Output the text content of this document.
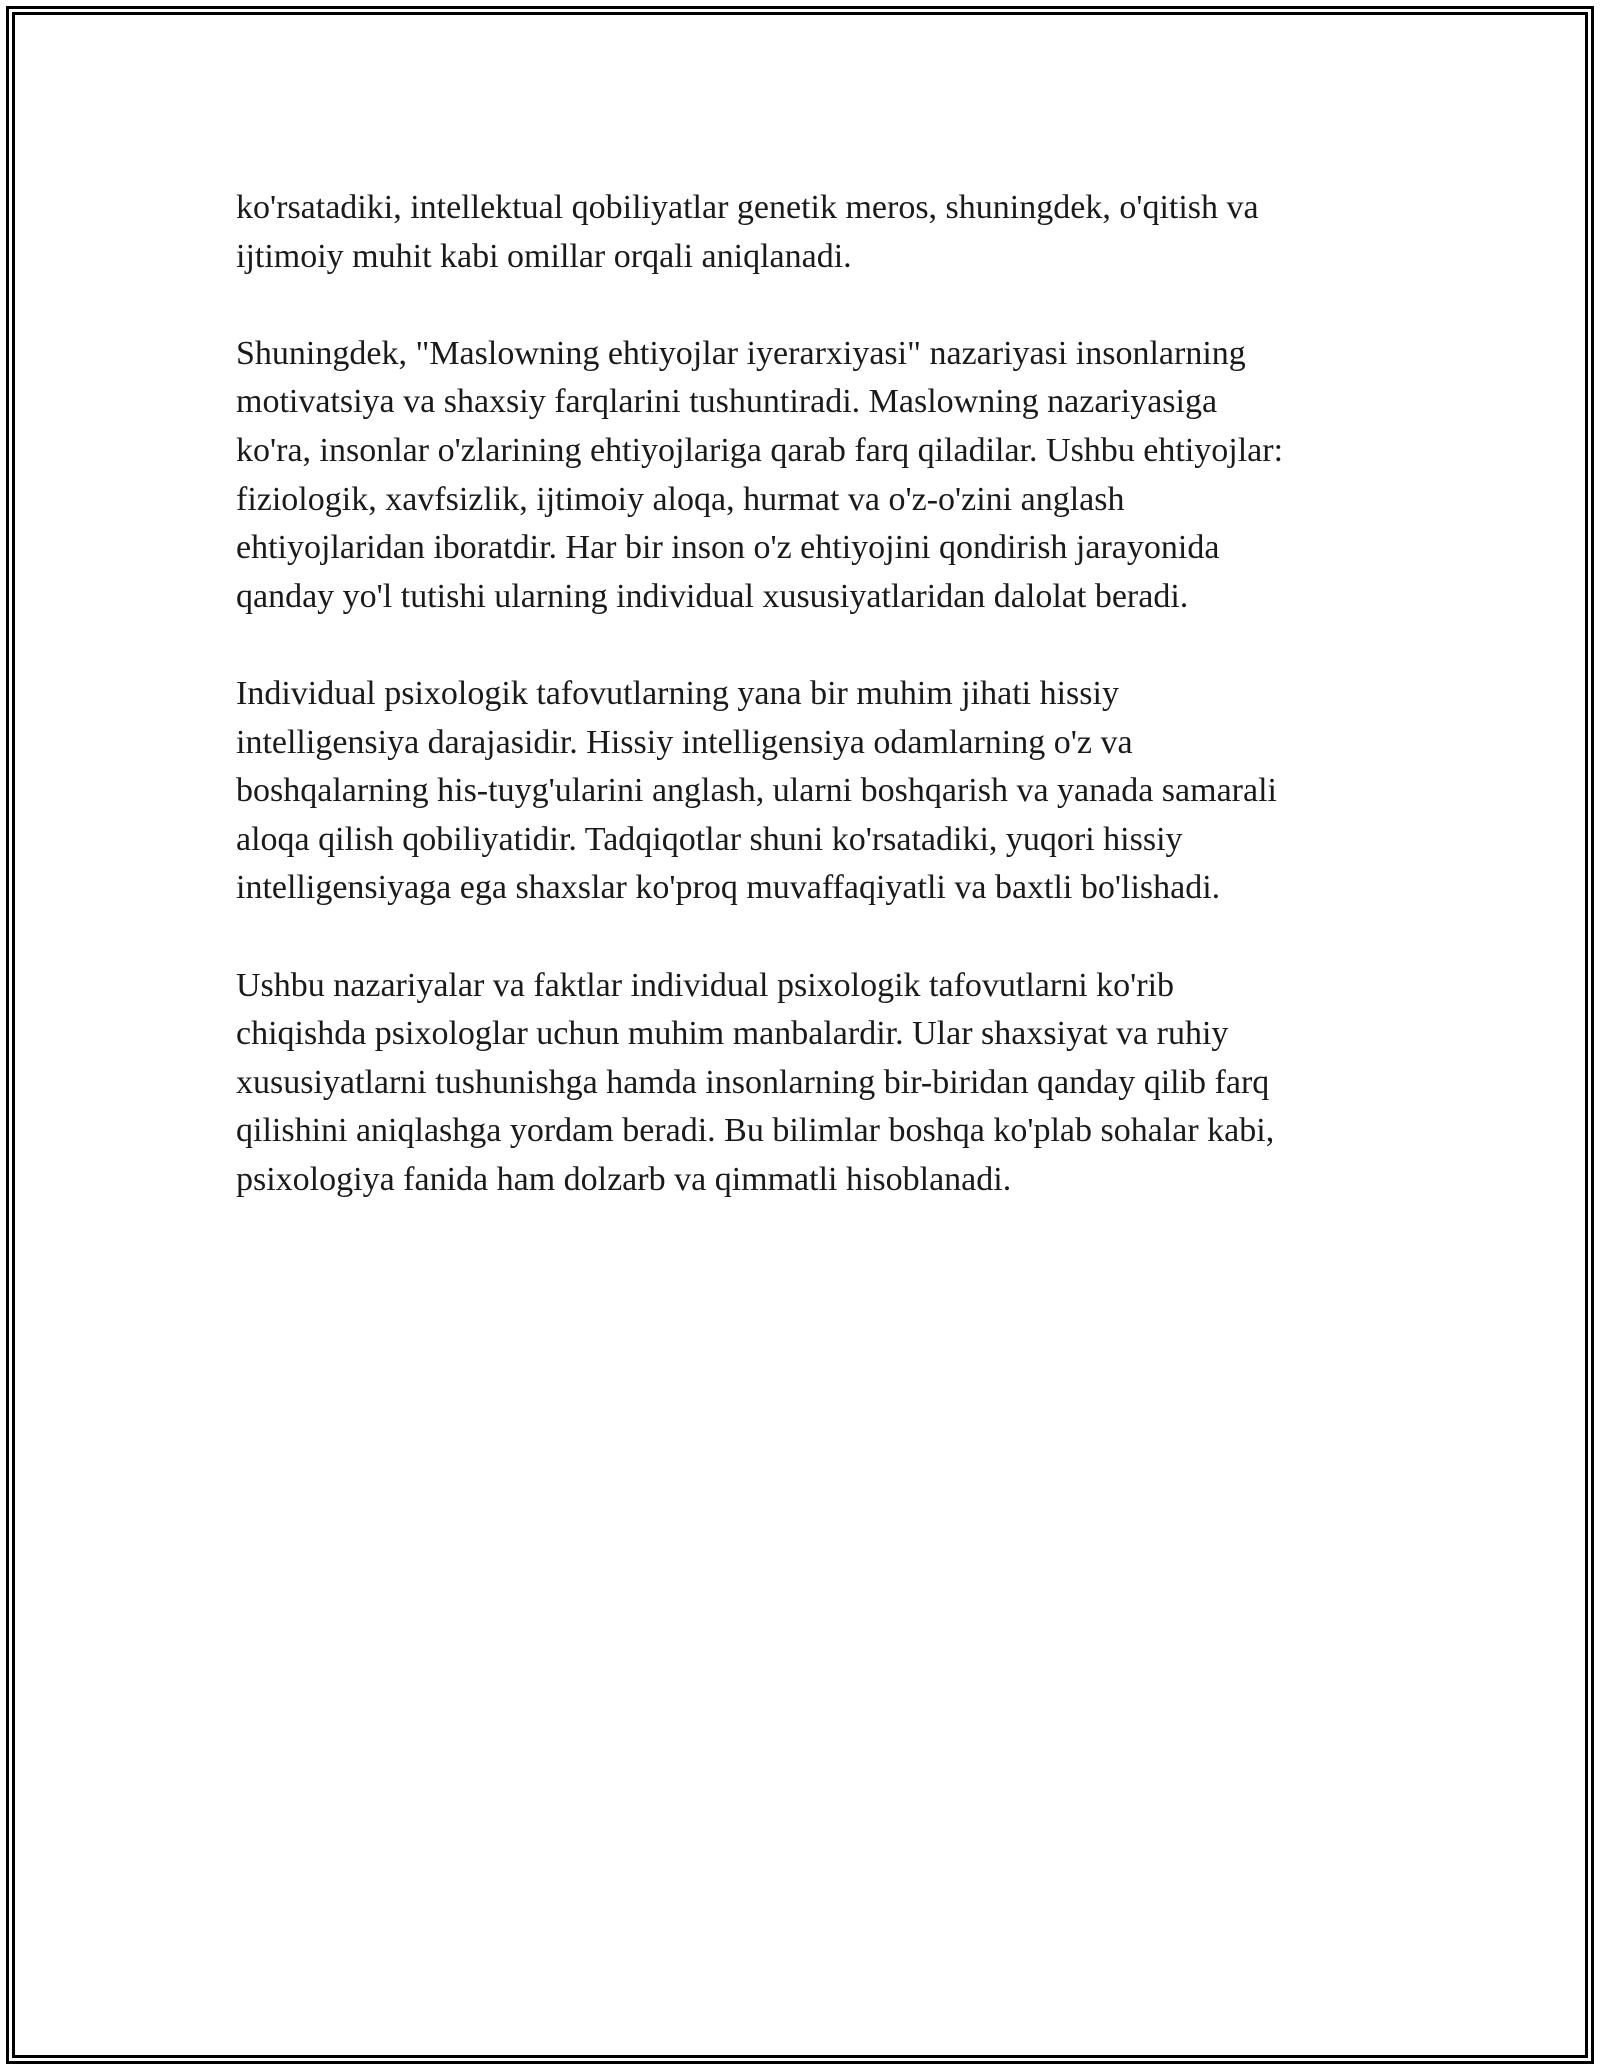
ko'rsatadiki, intellektual qobiliyatlar genetik meros, shuningdek, o'qitish va
ijtimoiy muhit kabi omillar orqali aniqlanadi.

Shuningdek, "Maslowning ehtiyojlar iyerarxiyasi" nazariyasi insonlarning
motivatsiya va shaxsiy farqlarini tushuntiradi. Maslowning nazariyasiga
ko'ra, insonlar o'zlarining ehtiyojlariga qarab farq qiladilar. Ushbu ehtiyojlar:
fiziologik, xavfsizlik, ijtimoiy aloqa, hurmat va o'z-o'zini anglash
ehtiyojlaridan iboratdir. Har bir inson o'z ehtiyojini qondirish jarayonida
qanday yo'l tutishi ularning individual xususiyatlaridan dalolat beradi.

Individual psixologik tafovutlarning yana bir muhim jihati hissiy
intelligensiya darajasidir. Hissiy intelligensiya odamlarning o'z va
boshqalarning his-tuyg'ularini anglash, ularni boshqarish va yanada samarali
aloqa qilish qobiliyatidir. Tadqiqotlar shuni ko'rsatadiki, yuqori hissiy
intelligensiyaga ega shaxslar ko'proq muvaffaqiyatli va baxtli bo'lishadi.

Ushbu nazariyalar va faktlar individual psixologik tafovutlarni ko'rib
chiqishda psixologlar uchun muhim manbalardir. Ular shaxsiyat va ruhiy
xususiyatlarni tushunishga hamda insonlarning bir-biridan qanday qilib farq
qilishini aniqlashga yordam beradi. Bu bilimlar boshqa ko'plab sohalar kabi,
psixologiya fanida ham dolzarb va qimmatli hisoblanadi.
